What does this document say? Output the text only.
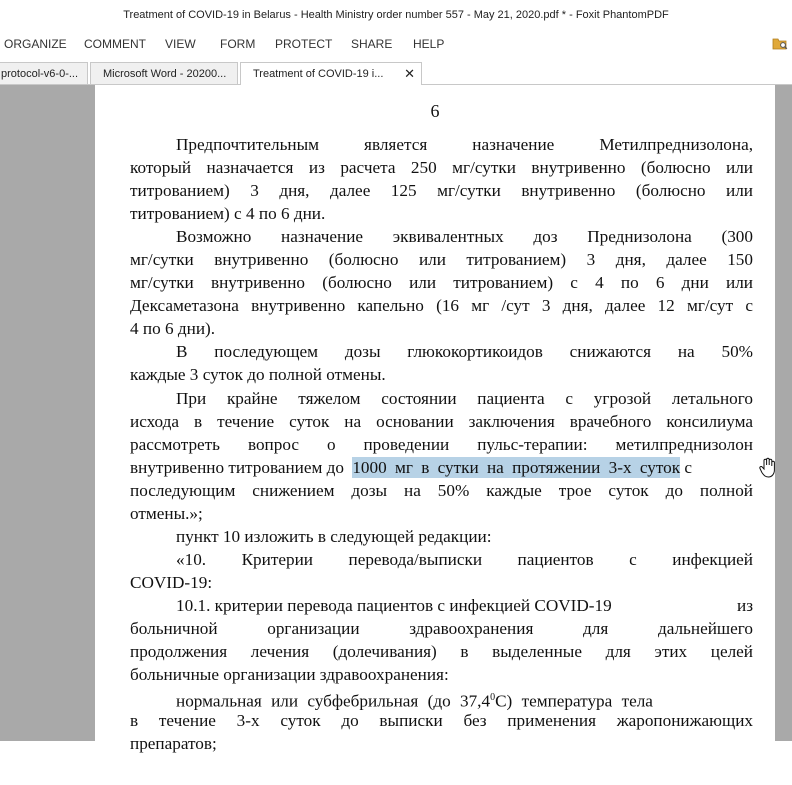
Treatment of COVID-19 in Belarus - Health Ministry order number 557 - May 21, 2020.pdf * - Foxit PhantomPDF
ORGANIZE COMMENT VIEW FORM PROTECT SHARE HELP
protocol-v6-0-...	Microsoft Word - 20200...	Treatment of COVID-19 i... ✕
6
Предпочтительным является назначение Метилпреднизолона,
который назначается из расчета 250 мг/сутки внутривенно (болюсно или
титрованием) 3 дня, далее 125 мг/сутки внутривенно (болюсно или
титрованием) с 4 по 6 дни.
Возможно назначение эквивалентных доз Преднизолона (300
мг/сутки внутривенно (болюсно или титрованием) 3 дня, далее 150
мг/сутки внутривенно (болюсно или титрованием) с 4 по 6 дни или
Дексаметазона внутривенно капельно (16 мг /сут 3 дня, далее 12 мг/сут с
4 по 6 дни).
В последующем дозы глюкокортикоидов снижаются на 50%
каждые 3 суток до полной отмены.
При крайне тяжелом состоянии пациента с угрозой летального
исхода в течение суток на основании заключения врачебного консилиума
рассмотреть вопрос о проведении пульс-терапии: метилпреднизолон
внутривенно титрованием до 1000 мг в сутки на протяжении 3-х суток с
последующим снижением дозы на 50% каждые трое суток до полной
отмены.»;
пункт 10 изложить в следующей редакции:
«10. Критерии перевода/выписки пациентов с инфекцией
COVID-19:
10.1. критерии перевода пациентов с инфекцией COVID-19	из
больничной организации здравоохранения для дальнейшего
продолжения лечения (долечивания) в выделенные для этих целей
больничные организации здравоохранения:
нормальная или субфебрильная (до 37,4$^0$C) температура тела
в течение 3-х суток до выписки без применения жаропонижающих
препаратов;
